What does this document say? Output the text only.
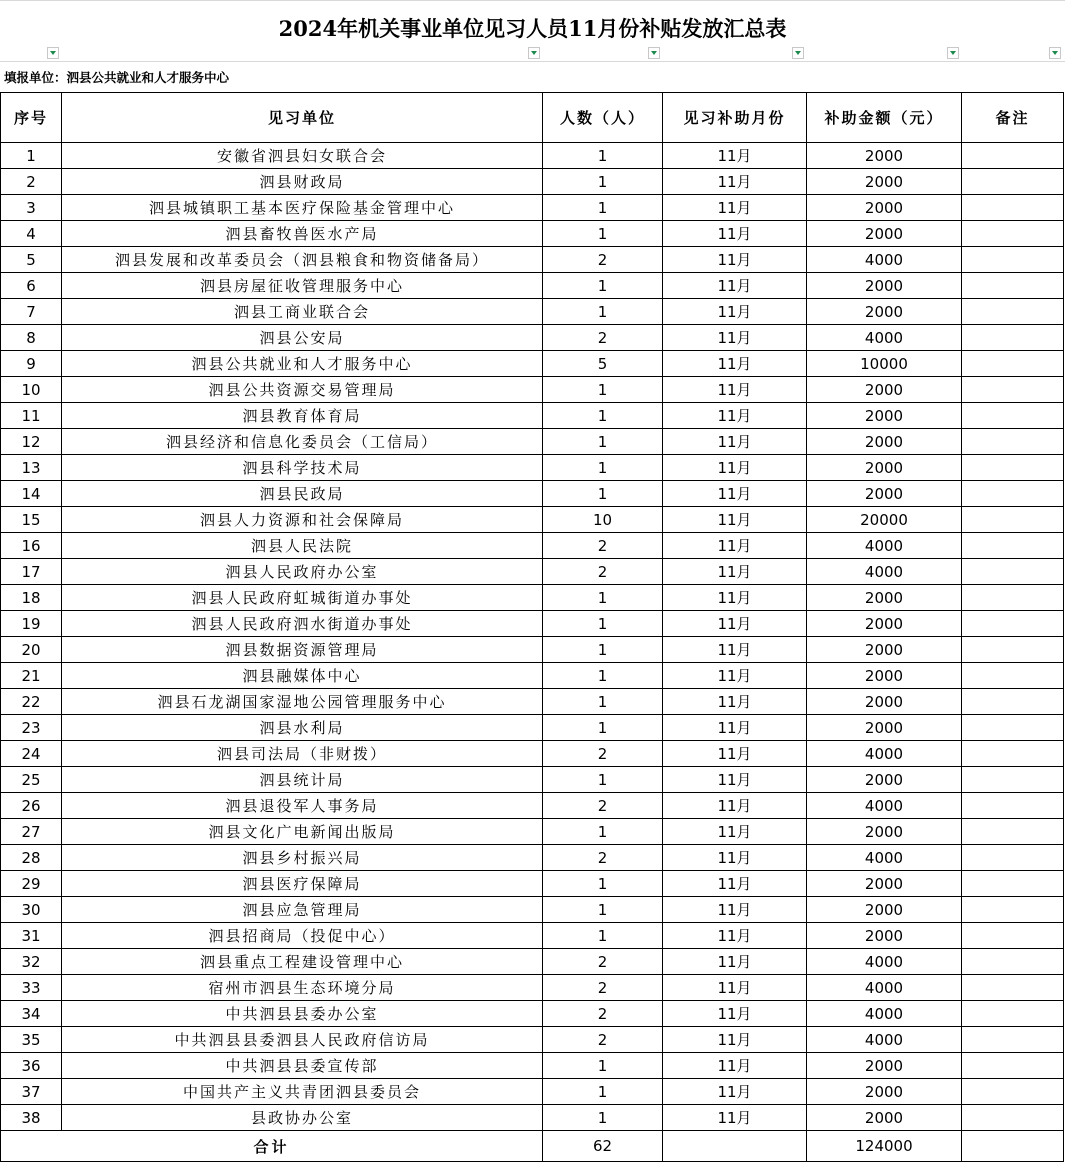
2024年机关事业单位见习人员11月份补贴发放汇总表
填报单位：泗县公共就业和人才服务中心
序号	见习单位	人数（人）	见习补助月份	补助金额（元）	备注
1	安徽省泗县妇女联合会	1	11月	2000	
2	泗县财政局	1	11月	2000	
3	泗县城镇职工基本医疗保险基金管理中心	1	11月	2000	
4	泗县畜牧兽医水产局	1	11月	2000	
5	泗县发展和改革委员会（泗县粮食和物资储备局）	2	11月	4000	
6	泗县房屋征收管理服务中心	1	11月	2000	
7	泗县工商业联合会	1	11月	2000	
8	泗县公安局	2	11月	4000	
9	泗县公共就业和人才服务中心	5	11月	10000	
10	泗县公共资源交易管理局	1	11月	2000	
11	泗县教育体育局	1	11月	2000	
12	泗县经济和信息化委员会（工信局）	1	11月	2000	
13	泗县科学技术局	1	11月	2000	
14	泗县民政局	1	11月	2000	
15	泗县人力资源和社会保障局	10	11月	20000	
16	泗县人民法院	2	11月	4000	
17	泗县人民政府办公室	2	11月	4000	
18	泗县人民政府虹城街道办事处	1	11月	2000	
19	泗县人民政府泗水街道办事处	1	11月	2000	
20	泗县数据资源管理局	1	11月	2000	
21	泗县融媒体中心	1	11月	2000	
22	泗县石龙湖国家湿地公园管理服务中心	1	11月	2000	
23	泗县水利局	1	11月	2000	
24	泗县司法局（非财拨）	2	11月	4000	
25	泗县统计局	1	11月	2000	
26	泗县退役军人事务局	2	11月	4000	
27	泗县文化广电新闻出版局	1	11月	2000	
28	泗县乡村振兴局	2	11月	4000	
29	泗县医疗保障局	1	11月	2000	
30	泗县应急管理局	1	11月	2000	
31	泗县招商局（投促中心）	1	11月	2000	
32	泗县重点工程建设管理中心	2	11月	4000	
33	宿州市泗县生态环境分局	2	11月	4000	
34	中共泗县县委办公室	2	11月	4000	
35	中共泗县县委泗县人民政府信访局	2	11月	4000	
36	中共泗县县委宣传部	1	11月	2000	
37	中国共产主义共青团泗县委员会	1	11月	2000	
38	县政协办公室	1	11月	2000	
合计		62		124000	
